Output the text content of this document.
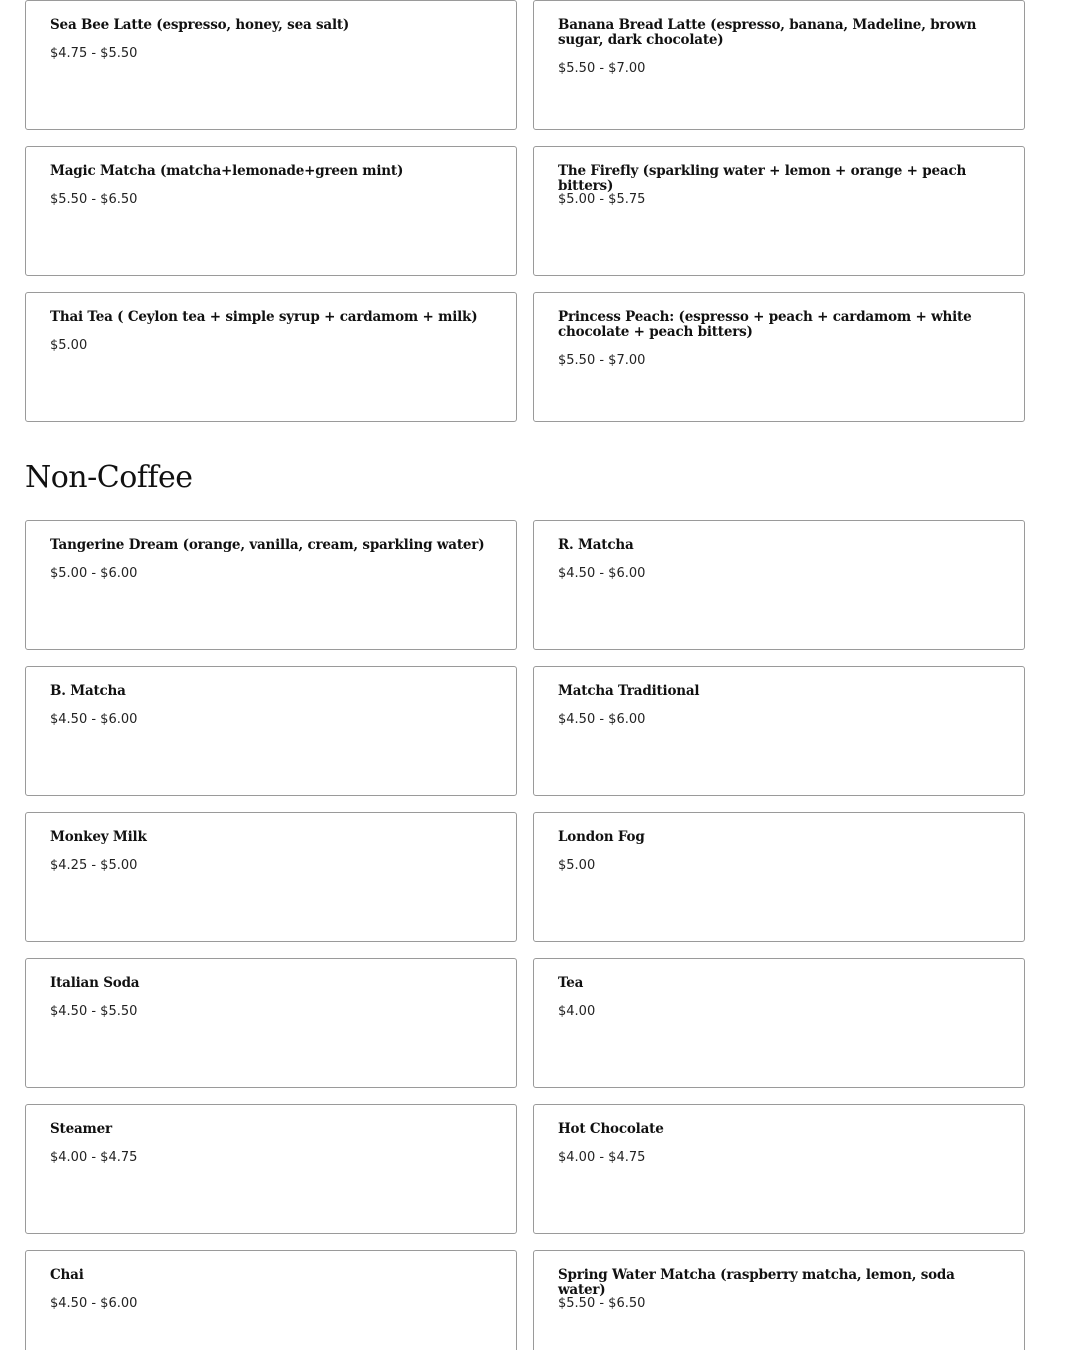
Sea Bee Latte (espresso, honey, sea salt)
$4.75 - $5.50
Banana Bread Latte (espresso, banana, Madeline, brown sugar, dark chocolate)
$5.50 - $7.00
Magic Matcha (matcha+lemonade+green mint)
$5.50 - $6.50
The Firefly (sparkling water + lemon + orange + peach bitters)
$5.00 - $5.75
Thai Tea ( Ceylon tea + simple syrup + cardamom + milk)
$5.00
Princess Peach: (espresso + peach + cardamom + white chocolate + peach bitters)
$5.50 - $7.00
Non-Coffee
Tangerine Dream (orange, vanilla, cream, sparkling water)
$5.00 - $6.00
R. Matcha
$4.50 - $6.00
B. Matcha
$4.50 - $6.00
Matcha Traditional
$4.50 - $6.00
Monkey Milk
$4.25 - $5.00
London Fog
$5.00
Italian Soda
$4.50 - $5.50
Tea
$4.00
Steamer
$4.00 - $4.75
Hot Chocolate
$4.00 - $4.75
Chai
$4.50 - $6.00
Spring Water Matcha (raspberry matcha, lemon, soda water)
$5.50 - $6.50
